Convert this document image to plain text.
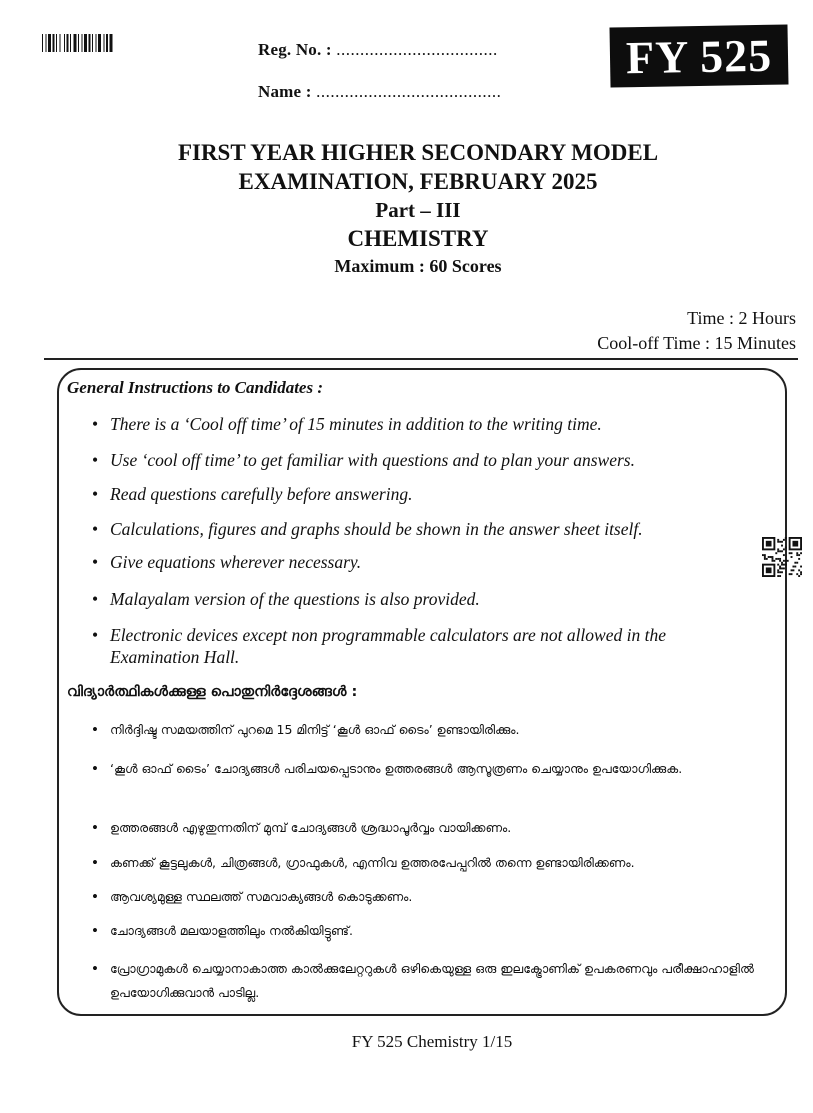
Reg. No. : ..................................
Name : .......................................
FY 525
FIRST YEAR HIGHER SECONDARY MODEL
EXAMINATION, FEBRUARY 2025
Part – III
CHEMISTRY
Maximum : 60 Scores
Time : 2 Hours
Cool-off Time : 15 Minutes
General Instructions to Candidates :
• There is a ‘Cool off time’ of 15 minutes in addition to the writing time.
• Use ‘cool off time’ to get familiar with questions and to plan your answers.
• Read questions carefully before answering.
• Calculations, figures and graphs should be shown in the answer sheet itself.
• Give equations wherever necessary.
• Malayalam version of the questions is also provided.
• Electronic devices except non programmable calculators are not allowed in the Examination Hall.
വിദ്യാർത്ഥികൾക്കുള്ള പൊതുനിർദ്ദേശങ്ങൾ :
• നിർദ്ദിഷ്ട സമയത്തിന് പുറമെ 15 മിനിട്ട് ‘കൂൾ ഓഫ് ടൈം’ ഉണ്ടായിരിക്കും.
• ‘കൂൾ ഓഫ് ടൈം’ ചോദ്യങ്ങൾ പരിചയപ്പെടാനും ഉത്തരങ്ങൾ ആസൂത്രണം ചെയ്യാനും ഉപയോഗിക്കുക.
• ഉത്തരങ്ങൾ എഴുതുന്നതിന് മുമ്പ് ചോദ്യങ്ങൾ ശ്രദ്ധാപൂർവ്വം വായിക്കണം.
• കണക്ക് കൂട്ടലുകൾ, ചിത്രങ്ങൾ, ഗ്രാഫുകൾ, എന്നിവ ഉത്തരപേപ്പറിൽ തന്നെ ഉണ്ടായിരിക്കണം.
• ആവശ്യമുള്ള സ്ഥലത്ത് സമവാക്യങ്ങൾ കൊടുക്കണം.
• ചോദ്യങ്ങൾ മലയാളത്തിലും നൽകിയിട്ടുണ്ട്.
• പ്രോഗ്രാമുകൾ ചെയ്യാനാകാത്ത കാൽക്കുലേറ്ററുകൾ ഒഴികെയുള്ള ഒരു ഇലക്ട്രോണിക് ഉപകരണവും പരീക്ഷാഹാളിൽ ഉപയോഗിക്കുവാൻ പാടില്ല.
FY 525 Chemistry 1/15
